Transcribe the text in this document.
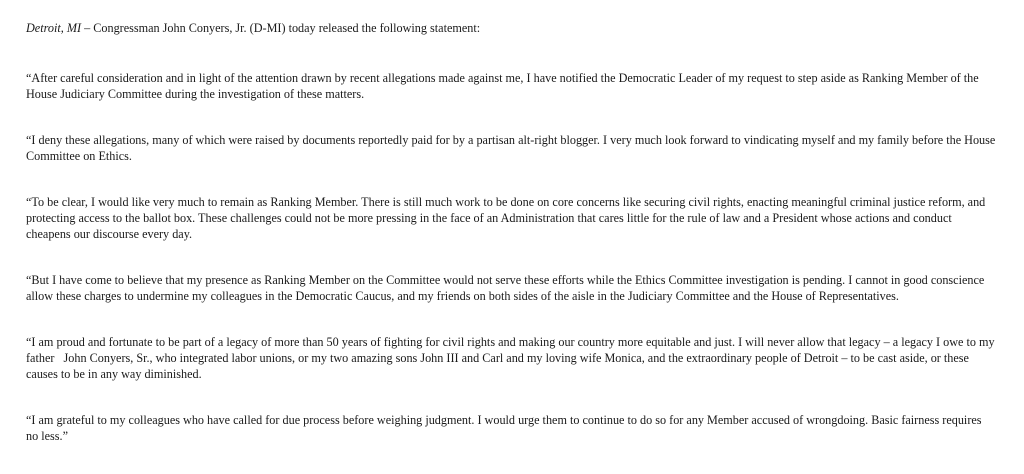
Detroit, MI – Congressman John Conyers, Jr. (D-MI) today released the following statement:

“After careful consideration and in light of the attention drawn by recent allegations made against me, I have notified the Democratic Leader of my request to step aside as Ranking Member of the House Judiciary Committee during the investigation of these matters.

“I deny these allegations, many of which were raised by documents reportedly paid for by a partisan alt-right blogger. I very much look forward to vindicating myself and my family before the House Committee on Ethics.

“To be clear, I would like very much to remain as Ranking Member. There is still much work to be done on core concerns like securing civil rights, enacting meaningful criminal justice reform, and protecting access to the ballot box. These challenges could not be more pressing in the face of an Administration that cares little for the rule of law and a President whose actions and conduct cheapens our discourse every day.

“But I have come to believe that my presence as Ranking Member on the Committee would not serve these efforts while the Ethics Committee investigation is pending. I cannot in good conscience allow these charges to undermine my colleagues in the Democratic Caucus, and my friends on both sides of the aisle in the Judiciary Committee and the House of Representatives.

“I am proud and fortunate to be part of a legacy of more than 50 years of fighting for civil rights and making our country more equitable and just. I will never allow that legacy – a legacy I owe to my father   John Conyers, Sr., who integrated labor unions, or my two amazing sons John III and Carl and my loving wife Monica, and the extraordinary people of Detroit – to be cast aside, or these causes to be in any way diminished.

“I am grateful to my colleagues who have called for due process before weighing judgment. I would urge them to continue to do so for any Member accused of wrongdoing. Basic fairness requires no less.”
